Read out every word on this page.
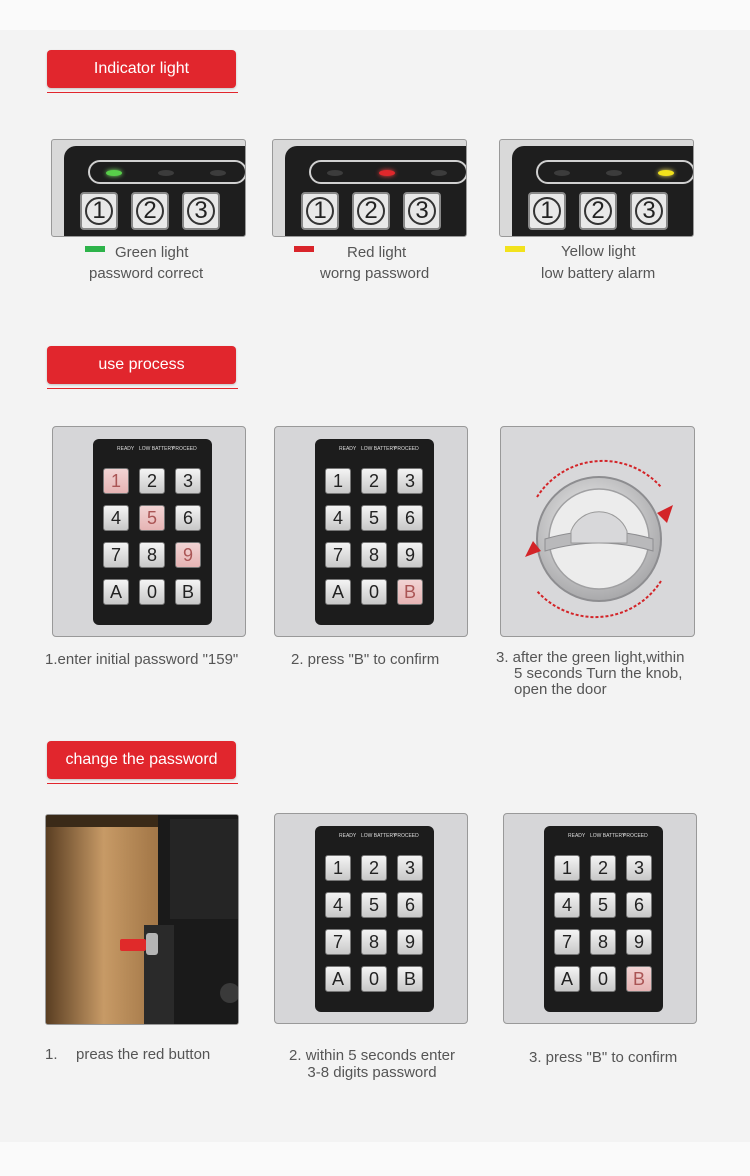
Indicator light
1	2	3	1	2	3	1	2	3
Green light
password correct
Red light
worng password
Yellow light
low battery alarm
use process
READY LOW BATTERY
PROCEED
1	2	3
4	5	6
7	8	9
A	0	B
READY LOW BATTERY
PROCEED
1	2	3
4	5	6
7	8	9
A	0	B
1.enter initial password "159"	2. press "B" to confirm	3. after the green light,within
5 seconds Turn the knob,
open the door
change the password
READY LOW BATTERY
PROCEED
1	2	3
4	5	6
7	8	9
A	0	B
READY LOW BATTERY
PROCEED
1	2	3
4	5	6
7	8	9
A	0	B
1. preas the red button	2. within 5 seconds enter
3-8 digits password
3. press "B" to confirm
